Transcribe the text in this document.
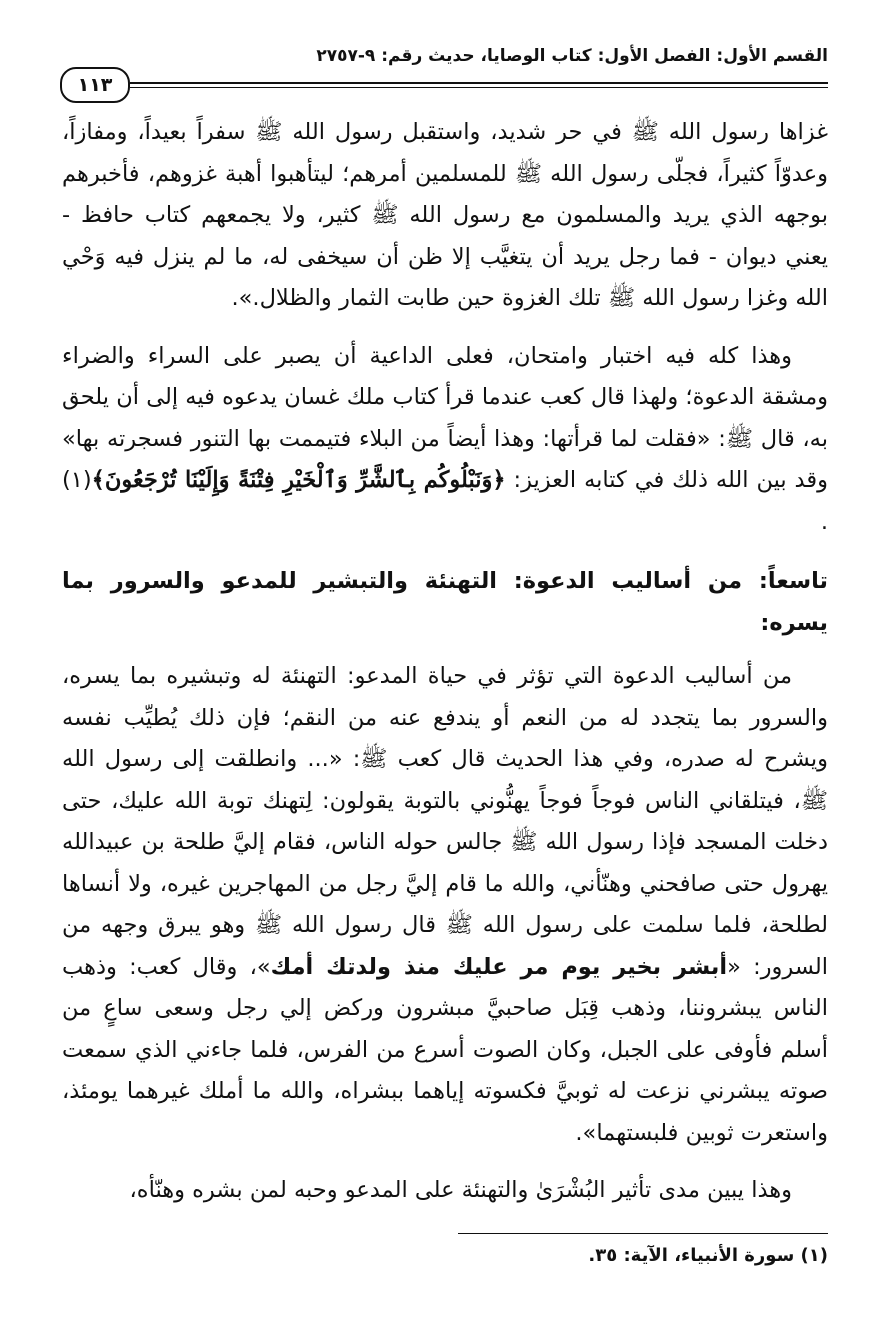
القسم الأول: الفصل الأول: كتاب الوصايا، حديث رقم: ٩-٢٧٥٧
١١٣

غزاها رسول الله ﷺ في حر شديد، واستقبل رسول الله ﷺ سفراً بعيداً، ومفازاً، وعدوّاً كثيراً، فجلّى رسول الله ﷺ للمسلمين أمرهم؛ ليتأهبوا أهبة غزوهم، فأخبرهم بوجهه الذي يريد والمسلمون مع رسول الله ﷺ كثير، ولا يجمعهم كتاب حافظ - يعني ديوان - فما رجل يريد أن يتغيَّب إلا ظن أن سيخفى له، ما لم ينزل فيه وَحْي الله وغزا رسول الله ﷺ تلك الغزوة حين طابت الثمار والظلال.».

وهذا كله فيه اختبار وامتحان، فعلى الداعية أن يصبر على السراء والضراء ومشقة الدعوة؛ ولهذا قال كعب عندما قرأ كتاب ملك غسان يدعوه فيه إلى أن يلحق به، قال ﷺ: «فقلت لما قرأتها: وهذا أيضاً من البلاء فتيممت بها التنور فسجرته بها» وقد بين الله ذلك في كتابه العزيز: ﴿وَنَبْلُوكُم بِٱلشَّرِّ وَٱلْخَيْرِ فِتْنَةً وَإِلَيْنَا تُرْجَعُونَ﴾(١) .

تاسعاً: من أساليب الدعوة: التهنئة والتبشير للمدعو والسرور بما يسره:

من أساليب الدعوة التي تؤثر في حياة المدعو: التهنئة له وتبشيره بما يسره، والسرور بما يتجدد له من النعم أو يندفع عنه من النقم؛ فإن ذلك يُطيِّب نفسه ويشرح له صدره، وفي هذا الحديث قال كعب ﷺ: «... وانطلقت إلى رسول الله ﷺ، فيتلقاني الناس فوجاً فوجاً يهنُّوني بالتوبة يقولون: لِتهنك توبة الله عليك، حتى دخلت المسجد فإذا رسول الله ﷺ جالس حوله الناس، فقام إليَّ طلحة بن عبيدالله يهرول حتى صافحني وهنّأني، والله ما قام إليَّ رجل من المهاجرين غيره، ولا أنساها لطلحة، فلما سلمت على رسول الله ﷺ قال رسول الله ﷺ وهو يبرق وجهه من السرور: «أبشر بخير يوم مر عليك منذ ولدتك أمك»، وقال كعب: وذهب الناس يبشروننا، وذهب قِبَل صاحبيَّ مبشرون وركض إلي رجل وسعى ساعٍ من أسلم فأوفى على الجبل، وكان الصوت أسرع من الفرس، فلما جاءني الذي سمعت صوته يبشرني نزعت له ثوبيَّ فكسوته إياهما ببشراه، والله ما أملك غيرهما يومئذ، واستعرت ثوبين فلبستهما».

وهذا يبين مدى تأثير البُشْرَىٰ والتهنئة على المدعو وحبه لمن بشره وهنّأه،

(١) سورة الأنبياء، الآية: ٣٥.
